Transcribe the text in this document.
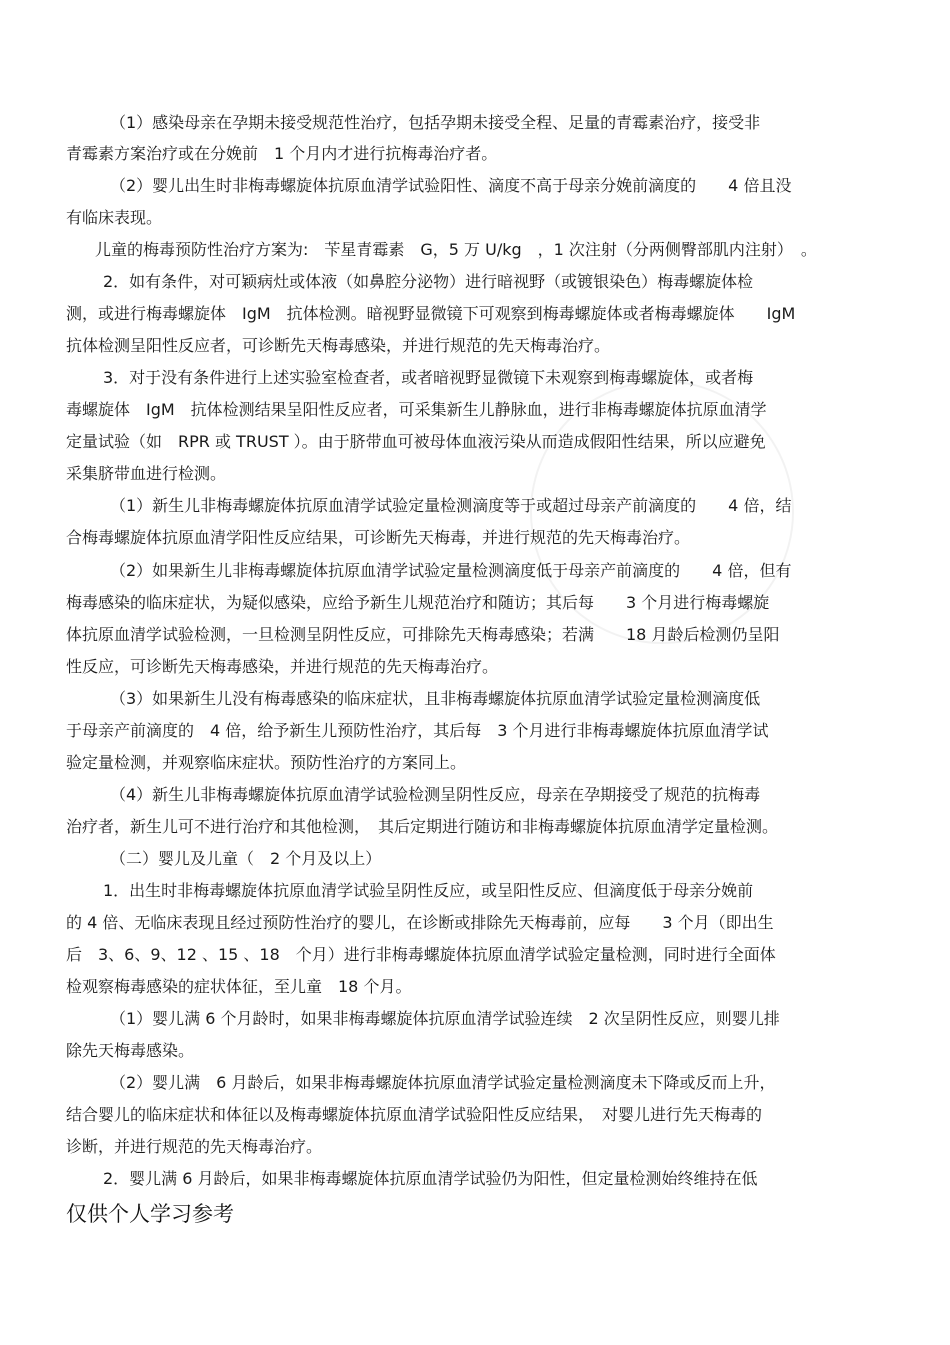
（1）感染母亲在孕期未接受规范性治疗，包括孕期未接受全程、足量的青霉素治疗，接受非
青霉素方案治疗或在分娩前　1 个月内才进行抗梅毒治疗者。
（2）婴儿出生时非梅毒螺旋体抗原血清学试验阳性、滴度不高于母亲分娩前滴度的　　4 倍且没
有临床表现。
儿童的梅毒预防性治疗方案为:　苄星青霉素　G，5 万 U/kg　，1 次注射（分两侧臀部肌内注射）　。
2．如有条件，对可颖病灶或体液（如鼻腔分泌物）进行暗视野（或镀银染色）梅毒螺旋体检
测，或进行梅毒螺旋体　IgM　抗体检测。暗视野显微镜下可观察到梅毒螺旋体或者梅毒螺旋体　　IgM
抗体检测呈阳性反应者，可诊断先天梅毒感染，并进行规范的先天梅毒治疗。
3．对于没有条件进行上述实验室检查者，或者暗视野显微镜下未观察到梅毒螺旋体，或者梅
毒螺旋体　IgM　抗体检测结果呈阳性反应者，可采集新生儿静脉血，进行非梅毒螺旋体抗原血清学
定量试验（如　RPR 或 TRUST ）。由于脐带血可被母体血液污染从而造成假阳性结果，所以应避免
采集脐带血进行检测。
（1）新生儿非梅毒螺旋体抗原血清学试验定量检测滴度等于或超过母亲产前滴度的　　4 倍，结
合梅毒螺旋体抗原血清学阳性反应结果，可诊断先天梅毒，并进行规范的先天梅毒治疗。
（2）如果新生儿非梅毒螺旋体抗原血清学试验定量检测滴度低于母亲产前滴度的　　4 倍，但有
梅毒感染的临床症状，为疑似感染，应给予新生儿规范治疗和随访；其后每　　3 个月进行梅毒螺旋
体抗原血清学试验检测，一旦检测呈阴性反应，可排除先天梅毒感染；若满　　18 月龄后检测仍呈阳
性反应，可诊断先天梅毒感染，并进行规范的先天梅毒治疗。
（3）如果新生儿没有梅毒感染的临床症状，且非梅毒螺旋体抗原血清学试验定量检测滴度低
于母亲产前滴度的　4 倍，给予新生儿预防性治疗，其后每　3 个月进行非梅毒螺旋体抗原血清学试
验定量检测，并观察临床症状。预防性治疗的方案同上。
（4）新生儿非梅毒螺旋体抗原血清学试验检测呈阴性反应，母亲在孕期接受了规范的抗梅毒
治疗者，新生儿可不进行治疗和其他检测，　其后定期进行随访和非梅毒螺旋体抗原血清学定量检测。
（二）婴儿及儿童（　2 个月及以上）
1．出生时非梅毒螺旋体抗原血清学试验呈阴性反应，或呈阳性反应、但滴度低于母亲分娩前
的 4 倍、无临床表现且经过预防性治疗的婴儿，在诊断或排除先天梅毒前，应每　　3 个月（即出生
后　3、6、9、12 、15 、18　个月）进行非梅毒螺旋体抗原血清学试验定量检测，同时进行全面体
检观察梅毒感染的症状体征，至儿童　18 个月。
（1）婴儿满 6 个月龄时，如果非梅毒螺旋体抗原血清学试验连续　2 次呈阴性反应，则婴儿排
除先天梅毒感染。
（2）婴儿满　6 月龄后，如果非梅毒螺旋体抗原血清学试验定量检测滴度未下降或反而上升，
结合婴儿的临床症状和体征以及梅毒螺旋体抗原血清学试验阳性反应结果，　对婴儿进行先天梅毒的
诊断，并进行规范的先天梅毒治疗。
2．婴儿满 6 月龄后，如果非梅毒螺旋体抗原血清学试验仍为阳性，但定量检测始终维持在低
仅供个人学习参考
